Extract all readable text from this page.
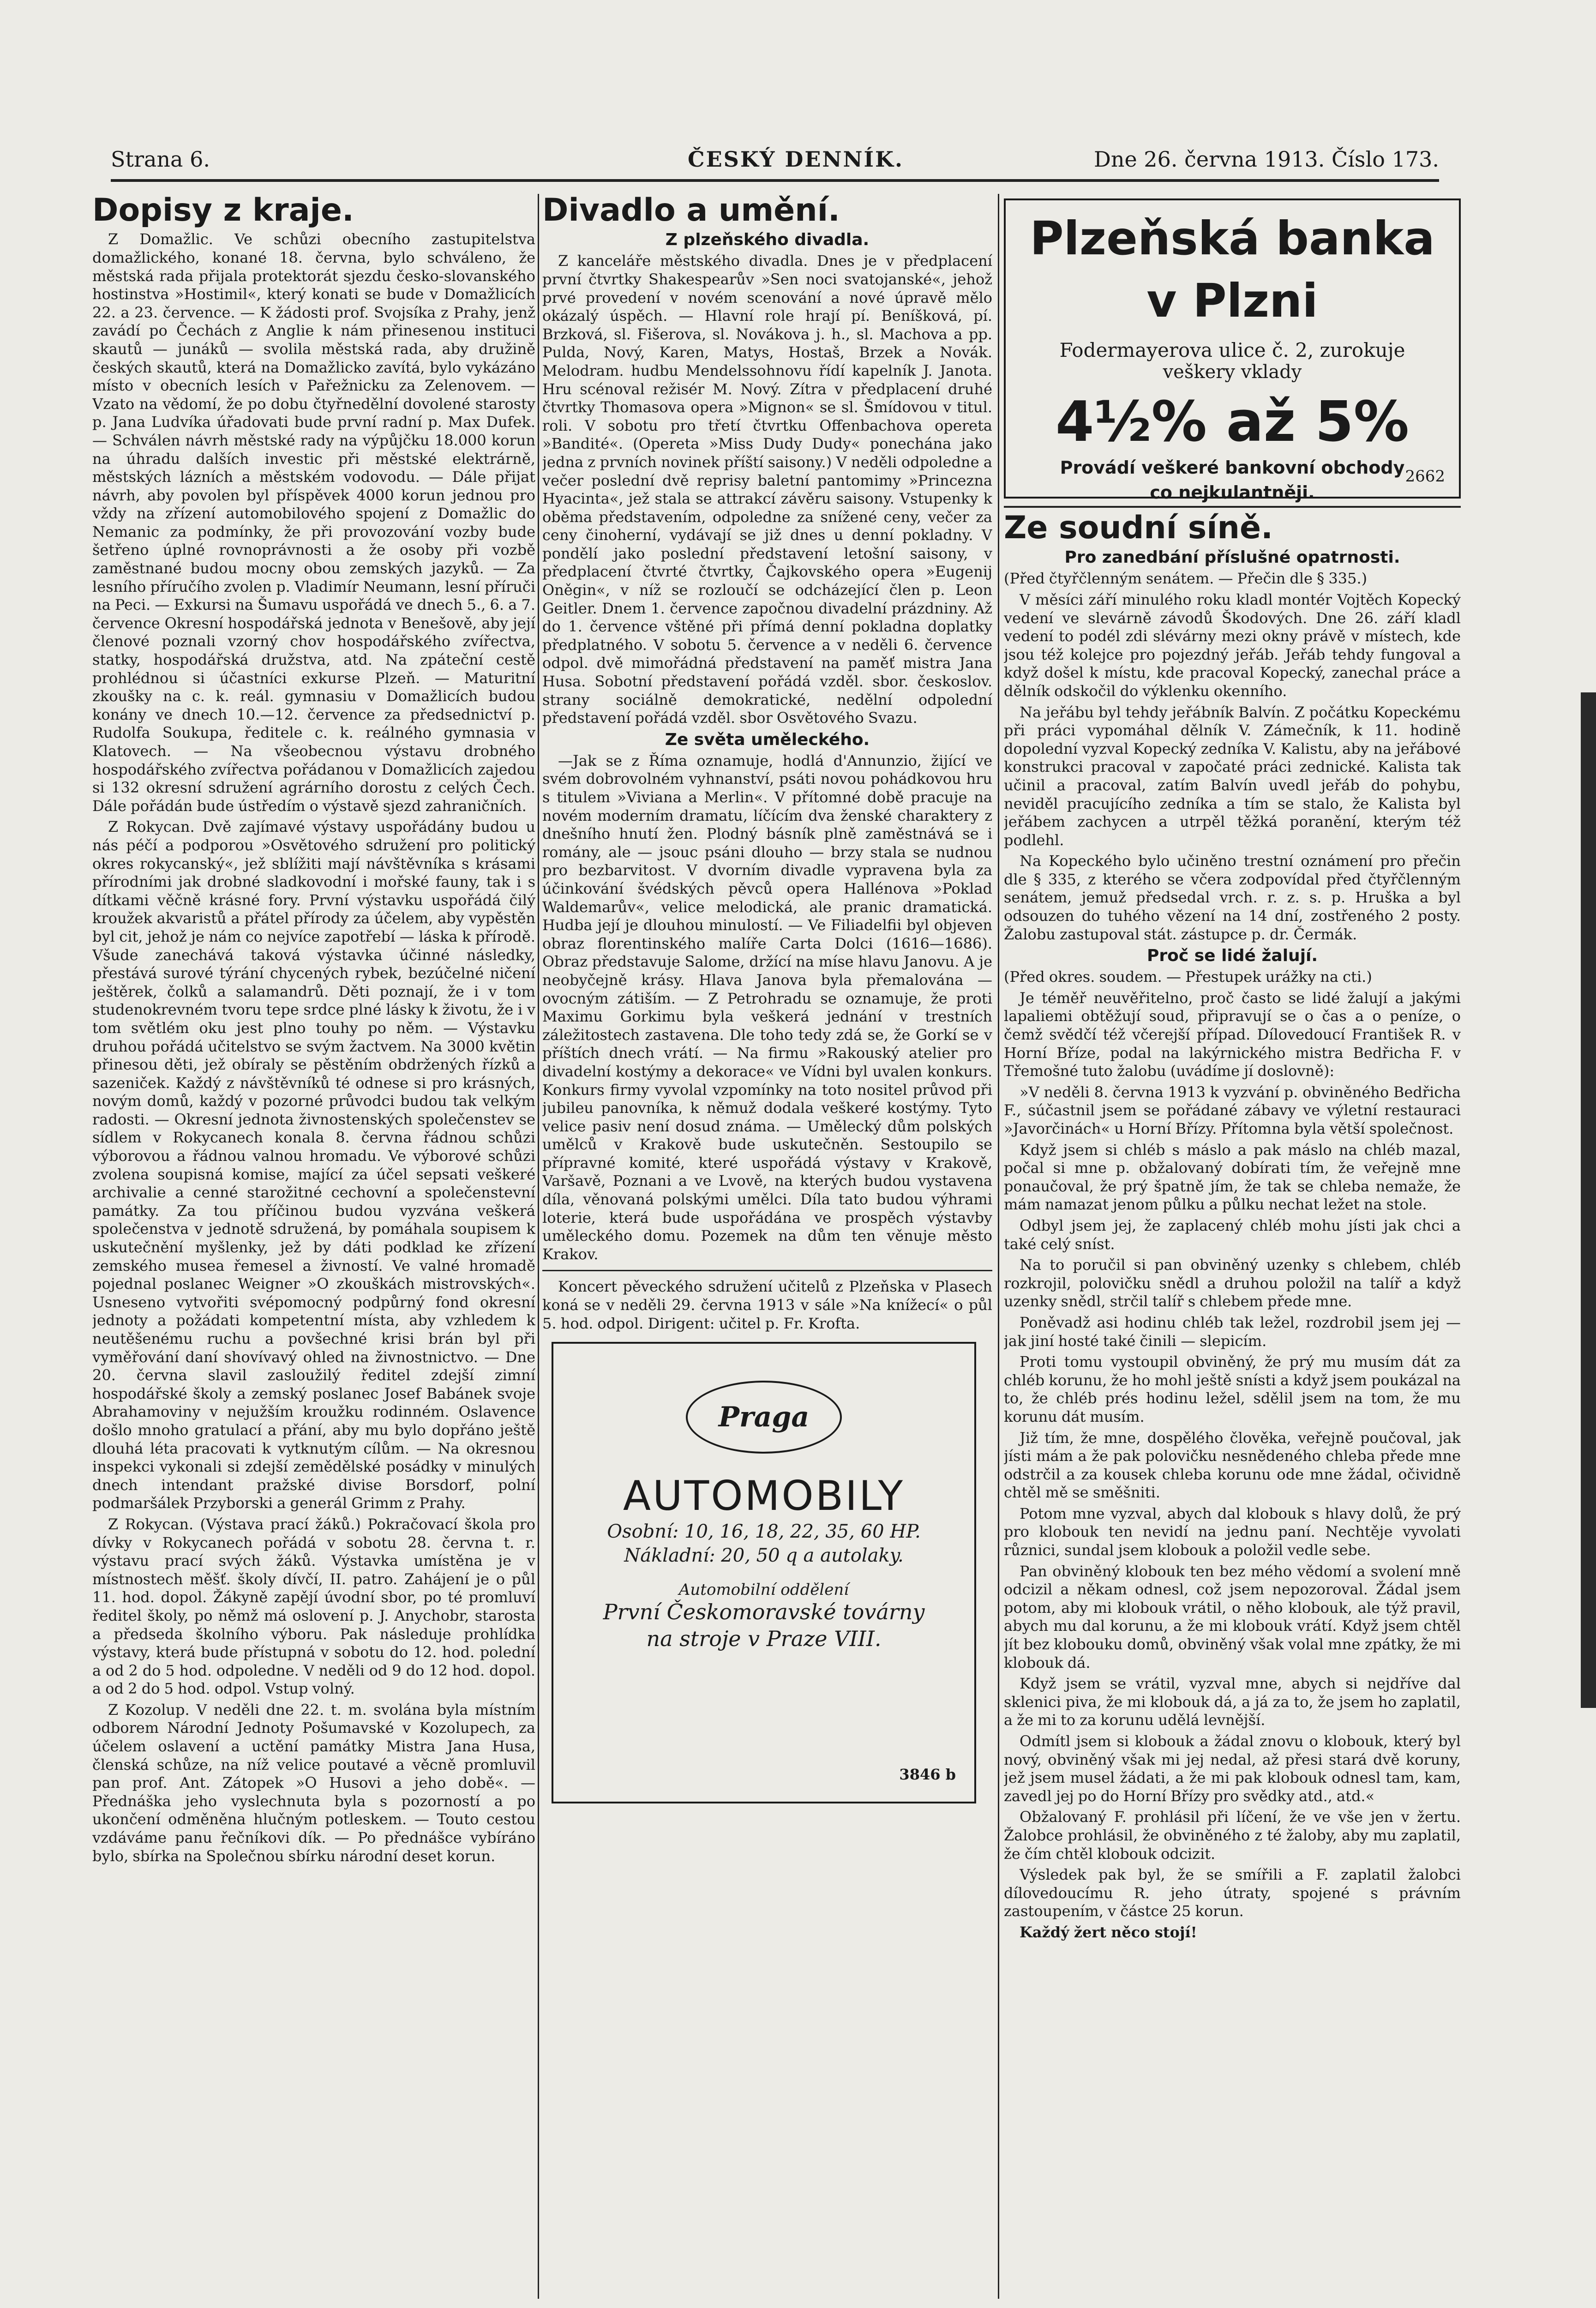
Strana 6.	ČESKÝ DENNÍK.	Dne 26. června 1913. Číslo 173.
Dopisy z kraje.

Z Domažlic. Ve schůzi obecního zastupitelstva domažlického, konané 18. června, bylo schváleno, že městská rada přijala protektorát sjezdu česko-slovanského hostinstva »Hostimil«, který konati se bude v Domažlicích 22. a 23. července. — K žádosti prof. Svojsíka z Prahy, jenž zavádí po Čechách z Anglie k nám přinesenou instituci skautů — junáků — svolila městská rada, aby družině českých skautů, která na Domažlicko zavítá, bylo vykázáno místo v obecních lesích v Pařežnicku za Zelenovem. — Vzato na vědomí, že po dobu čtyřnedělní dovolené starosty p. Jana Ludvíka úřadovati bude první radní p. Max Dufek. — Schválen návrh městské rady na výpůjčku 18.000 korun na úhradu dalších investic při městské elektrárně, městských lázních a městském vodovodu. — Dále přijat návrh, aby povolen byl příspěvek 4000 korun jednou pro vždy na zřízení automobilového spojení z Domažlic do Nemanic za podmínky, že při provozování vozby bude šetřeno úplné rovnoprávnosti a že osoby při vozbě zaměstnané budou mocny obou zemských jazyků. — Za lesního příručího zvolen p. Vladimír Neumann, lesní příruči na Peci. — Exkursi na Šumavu uspořádá ve dnech 5., 6. a 7. července Okresní hospodářská jednota v Benešově, aby její členové poznali vzorný chov hospodářského zvířectva, statky, hospodářská družstva, atd. Na zpáteční cestě prohlédnou si účastníci exkurse Plzeň. — Maturitní zkoušky na c. k. reál. gymnasiu v Domažlicích budou konány ve dnech 10.—12. července za předsednictví p. Rudolfa Soukupa, ředitele c. k. reálného gymnasia v Klatovech. — Na všeobecnou výstavu drobného hospodářského zvířectva pořádanou v Domažlicích zajedou si 132 okresní sdružení agrárního dorostu z celých Čech. Dále pořádán bude ústředím o výstavě sjezd zahraničních.

Z Rokycan. Dvě zajímavé výstavy uspořádány budou u nás péčí a podporou »Osvětového sdružení pro politický okres rokycanský«, jež sblížiti mají návštěvníka s krásami přírodními jak drobné sladkovodní i mořské fauny, tak i s dítkami věčně krásné fory. První výstavku uspořádá čilý kroužek akvaristů a přátel přírody za účelem, aby vypěstěn byl cit, jehož je nám co nejvíce zapotřebí — láska k přírodě. Všude zanechává taková výstavka účinné následky, přestává surové týrání chycených rybek, bezúčelné ničení ještěrek, čolků a salamandrů. Děti poznají, že i v tom studenokrevném tvoru tepe srdce plné lásky k životu, že i v tom světlém oku jest plno touhy po něm. — Výstavku druhou pořádá učitelstvo se svým žactvem. Na 3000 květin přinesou děti, jež obíraly se pěstěním obdržených řízků a sazeniček. Každý z návštěvníků té odnese si pro krásných, novým domů, každý v pozorné průvodci budou tak velkým radosti. — Okresní jednota živnostenských společenstev se sídlem v Rokycanech konala 8. června řádnou schůzi výborovou a řádnou valnou hromadu. Ve výborové schůzi zvolena soupisná komise, mající za účel sepsati veškeré archivalie a cenné starožitné cechovní a společenstevní památky. Za tou příčinou budou vyzvána veškerá společenstva v jednotě sdružená, by pomáhala soupisem k uskutečnění myšlenky, jež by dáti podklad ke zřízení zemského musea řemesel a živností. Ve valné hromadě pojednal poslanec Weigner »O zkouškách mistrovských«. Usneseno vytvořiti svépomocný podpůrný fond okresní jednoty a požádati kompetentní místa, aby vzhledem k neutěšenému ruchu a povšechné krisi brán byl při vyměřování daní shovívavý ohled na živnostnictvo. — Dne 20. června slavil zasloužilý ředitel zdejší zimní hospodářské školy a zemský poslanec Josef Babánek svoje Abrahamoviny v nejužším kroužku rodinném. Oslavence došlo mnoho gratulací a přání, aby mu bylo dopřáno ještě dlouhá léta pracovati k vytknutým cílům. — Na okresnou inspekci vykonali si zdejší zemědělské posádky v minulých dnech intendant pražské divise Borsdorf, polní podmaršálek Przyborski a generál Grimm z Prahy.

Z Rokycan. (Výstava prací žáků.) Pokračovací škola pro dívky v Rokycanech pořádá v sobotu 28. června t. r. výstavu prací svých žáků. Výstavka umístěna je v místnostech měšť. školy dívčí, II. patro. Zahájení je o půl 11. hod. dopol. Žákyně zapějí úvodní sbor, po té promluví ředitel školy, po němž má oslovení p. J. Anychobr, starosta a předseda školního výboru. Pak následuje prohlídka výstavy, která bude přístupná v sobotu do 12. hod. polední a od 2 do 5 hod. odpoledne. V neděli od 9 do 12 hod. dopol. a od 2 do 5 hod. odpol. Vstup volný.

Z Kozolup. V neděli dne 22. t. m. svolána byla místním odborem Národní Jednoty Pošumavské v Kozolupech, za účelem oslavení a uctění památky Mistra Jana Husa, členská schůze, na níž velice poutavé a věcně promluvil pan prof. Ant. Zátopek »O Husovi a jeho době«. — Přednáška jeho vyslechnuta byla s pozorností a po ukončení odměněna hlučným potleskem. — Touto cestou vzdáváme panu řečníkovi dík. — Po přednášce vybíráno bylo, sbírka na Společnou sbírku národní deset korun.

Divadlo a umění.
Z plzeňského divadla.

Z kanceláře městského divadla. Dnes je v předplacení první čtvrtky Shakespearův »Sen noci svatojanské«, jehož prvé provedení v novém scenování a nové úpravě mělo okázalý úspěch. — Hlavní role hrají pí. Beníšková, pí. Brzková, sl. Fišerova, sl. Novákova j. h., sl. Machova a pp. Pulda, Nový, Karen, Matys, Hostaš, Brzek a Novák. Melodram. hudbu Mendelssohnovu řídí kapelník J. Janota. Hru scénoval režisér M. Nový. Zítra v předplacení druhé čtvrtky Thomasova opera »Mignon« se sl. Šmídovou v titul. roli. V sobotu pro třetí čtvrtku Offenbachova opereta »Bandité«. (Opereta »Miss Dudy Dudy« ponechána jako jedna z prvních novinek příští saisony.) V neděli odpoledne a večer poslední dvě reprisy baletní pantomimy »Princezna Hyacinta«, jež stala se attrakcí závěru saisony. Vstupenky k oběma představením, odpoledne za snížené ceny, večer za ceny činoherní, vydávají se již dnes u denní pokladny. V pondělí jako poslední představení letošní saisony, v předplacení čtvrté čtvrtky, Čajkovského opera »Eugenij Oněgin«, v níž se rozloučí se odcházející člen p. Leon Geitler. Dnem 1. července započnou divadelní prázdniny. Až do 1. července vštěné při přímá denní pokladna doplatky předplatného. V sobotu 5. července a v neděli 6. července odpol. dvě mimořádná představení na paměť mistra Jana Husa. Sobotní představení pořádá vzděl. sbor. českoslov. strany sociálně demokratické, nedělní odpolední představení pořádá vzděl. sbor Osvětového Svazu.

Ze světa uměleckého.

—Jak se z Říma oznamuje, hodlá d'Annunzio, žijící ve svém dobrovolném vyhnanství, psáti novou pohádkovou hru s titulem »Viviana a Merlin«. V přítomné době pracuje na novém moderním dramatu, líčícím dva ženské charaktery z dnešního hnutí žen. Plodný básník plně zaměstnává se i romány, ale — jsouc psáni dlouho — brzy stala se nudnou pro bezbarvitost. V dvorním divadle vypravena byla za účinkování švédských pěvců opera Hallénova »Poklad Waldemarův«, velice melodická, ale pranic dramatická. Hudba její je dlouhou minulostí. — Ve Filiadelfii byl objeven obraz florentinského malíře Carta Dolci (1616—1686). Obraz představuje Salome, držící na míse hlavu Janovu. A je neobyčejně krásy. Hlava Janova byla přemalována — ovocným zátiším. — Z Petrohradu se oznamuje, že proti Maximu Gorkimu byla veškerá jednání v trestních záležitostech zastavena. Dle toho tedy zdá se, že Gorkí se v příštích dnech vrátí. — Na firmu »Rakouský atelier pro divadelní kostýmy a dekorace« ve Vídni byl uvalen konkurs. Konkurs firmy vyvolal vzpomínky na toto nositel průvod při jubileu panovníka, k němuž dodala veškeré kostýmy. Tyto velice pasiv není dosud známa. — Umělecký dům polských umělců v Krakově bude uskutečněn. Sestoupilo se přípravné komité, které uspořádá výstavy v Krakově, Varšavě, Poznani a ve Lvově, na kterých budou vystavena díla, věnovaná polskými umělci. Díla tato budou výhrami loterie, která bude uspořádána ve prospěch výstavby uměleckého domu. Pozemek na dům ten věnuje město Krakov.

Koncert pěveckého sdružení učitelů z Plzeňska v Plasech koná se v neděli 29. června 1913 v sále »Na knížecí« o půl 5. hod. odpol. Dirigent: učitel p. Fr. Krofta.

Praga
AUTOMOBILY
Osobní: 10, 16, 18, 22, 35, 60 HP.
Nákladní: 20, 50 q a autolaky.
Automobilní oddělení
První Českomoravské továrny
na stroje v Praze VIII.
3846 b
Plzeňská banka
v Plzni
Fodermayerova ulice č. 2, zurokuje
veškery vklady
4½% až 5%
Provádí veškeré bankovní obchody
co nejkulantněji.
2662
Ze soudní síně.
Pro zanedbání příslušné opatrnosti.

(Před čtyřčlenným senátem. — Přečin dle § 335.)

V měsíci září minulého roku kladl montér Vojtěch Kopecký vedení ve slevárně závodů Škodových. Dne 26. září kladl vedení to podél zdi slévárny mezi okny právě v místech, kde jsou též kolejce pro pojezdný jeřáb. Jeřáb tehdy fungoval a když došel k místu, kde pracoval Kopecký, zanechal práce a dělník odskočil do výklenku okenního.

Na jeřábu byl tehdy jeřábník Balvín. Z počátku Kopeckému při práci vypomáhal dělník V. Zámečník, k 11. hodině dopolední vyzval Kopecký zedníka V. Kalistu, aby na jeřábové konstrukci pracoval v započaté práci zednické. Kalista tak učinil a pracoval, zatím Balvín uvedl jeřáb do pohybu, neviděl pracujícího zedníka a tím se stalo, že Kalista byl jeřábem zachycen a utrpěl těžká poranění, kterým též podlehl.

Na Kopeckého bylo učiněno trestní oznámení pro přečin dle § 335, z kterého se včera zodpovídal před čtyřčlenným senátem, jemuž předsedal vrch. r. z. s. p. Hruška a byl odsouzen do tuhého vězení na 14 dní, zostřeného 2 posty. Žalobu zastupoval stát. zástupce p. dr. Čermák.

Proč se lidé žalují.

(Před okres. soudem. — Přestupek urážky na cti.)

Je téměř neuvěřitelno, proč často se lidé žalují a jakými lapaliemi obtěžují soud, připravují se o čas a o peníze, o čemž svědčí též včerejší případ. Dílovedoucí František R. v Horní Bříze, podal na lakýrnického mistra Bedřicha F. v Třemošné tuto žalobu (uvádíme jí doslovně):

»V neděli 8. června 1913 k vyzvání p. obviněného Bedřicha F., súčastnil jsem se pořádané zábavy ve výletní restauraci »Javorčinách« u Horní Břízy. Přítomna byla větší společnost.

Když jsem si chléb s máslo a pak máslo na chléb mazal, počal si mne p. obžalovaný dobírati tím, že veřejně mne ponaučoval, že prý špatně jím, že tak se chleba nemaže, že mám namazat jenom půlku a půlku nechat ležet na stole.

Odbyl jsem jej, že zaplacený chléb mohu jísti jak chci a také celý sníst.

Na to poručil si pan obviněný uzenky s chlebem, chléb rozkrojil, polovičku snědl a druhou položil na talíř a když uzenky snědl, strčil talíř s chlebem přede mne.

Poněvadž asi hodinu chléb tak ležel, rozdrobil jsem jej — jak jiní hosté také činili — slepicím.

Proti tomu vystoupil obviněný, že prý mu musím dát za chléb korunu, že ho mohl ještě snísti a když jsem poukázal na to, že chléb prés hodinu ležel, sdělil jsem na tom, že mu korunu dát musím.

Již tím, že mne, dospělého člověka, veřejně poučoval, jak jísti mám a že pak polovičku nesnědeného chleba přede mne odstrčil a za kousek chleba korunu ode mne žádal, očividně chtěl mě se směšniti.

Potom mne vyzval, abych dal klobouk s hlavy dolů, že prý pro klobouk ten nevidí na jednu paní. Nechtěje vyvolati různici, sundal jsem klobouk a položil vedle sebe.

Pan obviněný klobouk ten bez mého vědomí a svolení mně odcizil a někam odnesl, což jsem nepozoroval. Žádal jsem potom, aby mi klobouk vrátil, o něho klobouk, ale týž pravil, abych mu dal korunu, a že mi klobouk vrátí. Když jsem chtěl jít bez klobouku domů, obviněný však volal mne zpátky, že mi klobouk dá.

Když jsem se vrátil, vyzval mne, abych si nejdříve dal sklenici piva, že mi klobouk dá, a já za to, že jsem ho zaplatil, a že mi to za korunu udělá levnější.

Odmítl jsem si klobouk a žádal znovu o klobouk, který byl nový, obviněný však mi jej nedal, až přesi stará dvě koruny, jež jsem musel žádati, a že mi pak klobouk odnesl tam, kam, zavedl jej po do Horní Břízy pro svědky atd., atd.«

Obžalovaný F. prohlásil při líčení, že ve vše jen v žertu. Žalobce prohlásil, že obviněného z té žaloby, aby mu zaplatil, že čím chtěl klobouk odcizit.

Výsledek pak byl, že se smířili a F. zaplatil žalobci dílovedoucímu R. jeho útraty, spojené s právním zastoupením, v částce 25 korun.

Každý žert něco stojí!
